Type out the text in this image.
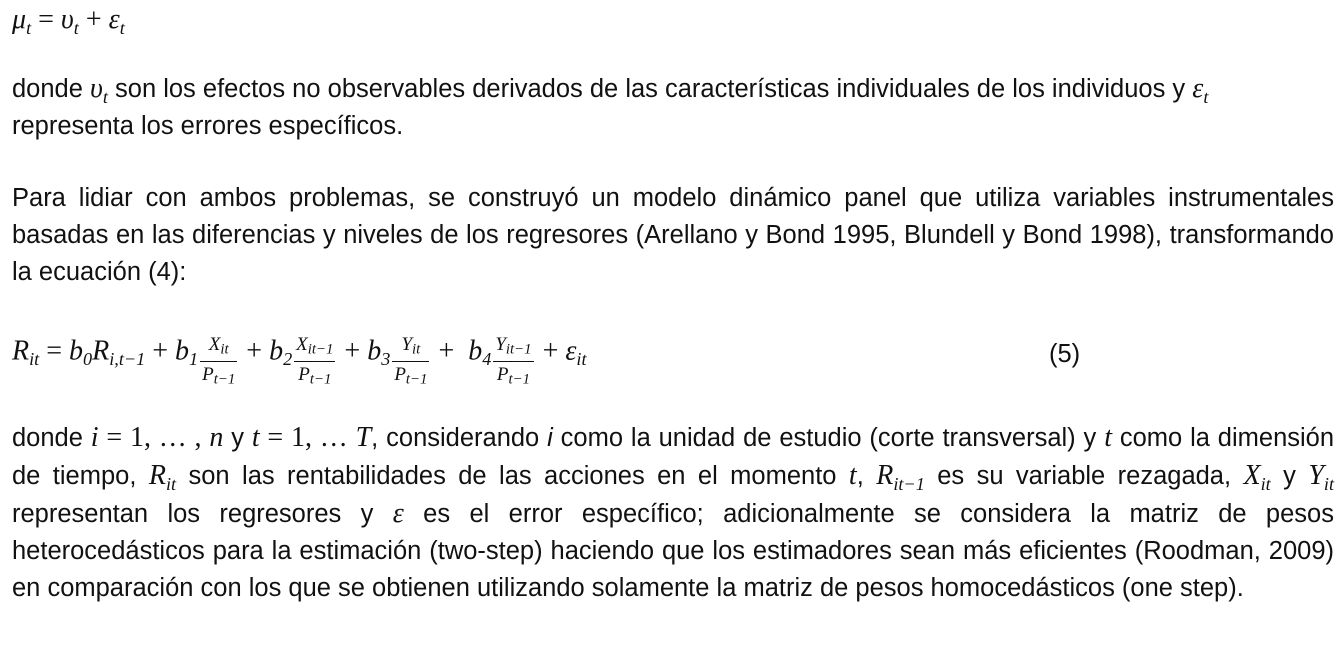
$\mu_t = \upsilon_t + \varepsilon_t$
donde $\upsilon_t$ son los efectos no observables derivados de las características individuales de los individuos y $\varepsilon_t$
representa los errores específicos.
Para lidiar con ambos problemas, se construyó un modelo dinámico panel que utiliza variables instrumentales basadas en las diferencias y niveles de los regresores (Arellano y Bond 1995, Blundell y Bond 1998), transformando la ecuación (4):
$R_{it} = b_0R_{i,t-1} + b_1 \frac{\text{Xit}}{Pt-1} + b_2 \frac{\text{Xit−1}}{Pt-1} + b_3 \frac{\text{Yit}}{Pt-1} + b_4 \frac{\text{Yit−1}}{Pt-1} + \varepsilon_{it}$	(5)
donde i = 1, … , n y t = 1, … T, considerando i como la unidad de estudio (corte transversal) y t como la dimensión de tiempo, $R_{it}$ son las rentabilidades de las acciones en el momento t, $R_{it-1}$ es su variable rezagada, $X_{it}$ y $Y_{it}$ representan los regresores y ε es el error específico; adicionalmente se considera la matriz de pesos heterocedásticos para la estimación (two-step) haciendo que los estimadores sean más eficientes (Roodman, 2009) en comparación con los que se obtienen utilizando solamente la matriz de pesos homocedásticos (one step).
